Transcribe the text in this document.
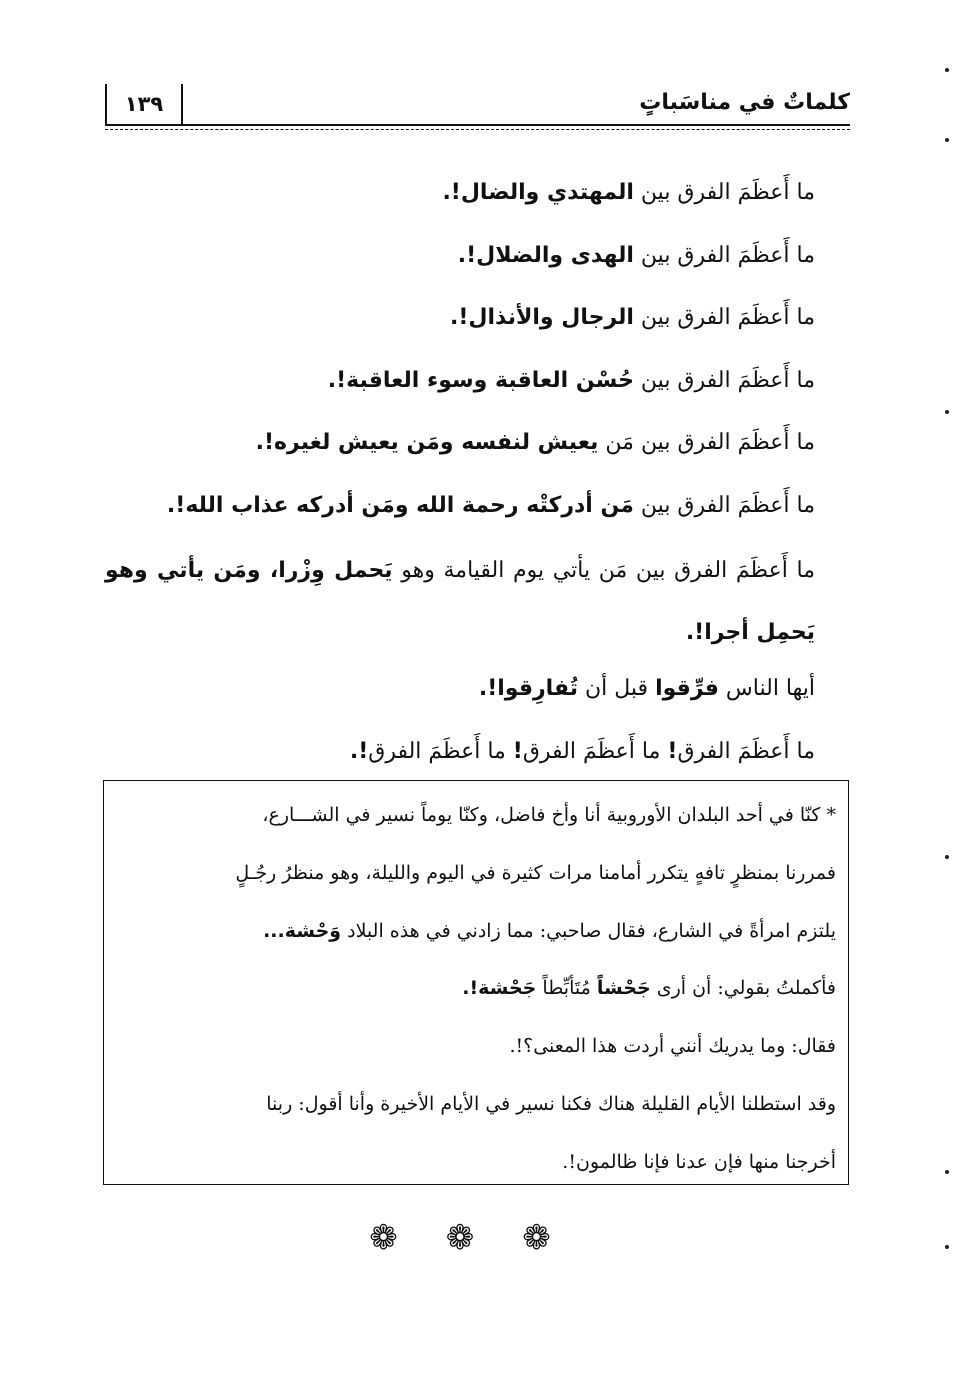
١٣٩	كلماتٌ في مناسَباتٍ
ما أَعظَمَ الفرق بين المهتدي والضال!.
ما أَعظَمَ الفرق بين الهدى والضلال!.
ما أَعظَمَ الفرق بين الرجال والأنذال!.
ما أَعظَمَ الفرق بين حُسْن العاقبة وسوء العاقبة!.
ما أَعظَمَ الفرق بين مَن يعيش لنفسه ومَن يعيش لغيره!.
ما أَعظَمَ الفرق بين مَن أدركتْه رحمة الله ومَن أدركه عذاب الله!.
ما أَعظَمَ الفرق بين مَن يأتي يوم القيامة وهو يَحمل وِزْرا، ومَن يأتي وهو يَحمِل أجرا!.
أيها الناس فرِّقوا قبل أن تُفارِقوا!.
ما أَعظَمَ الفرق! ما أَعظَمَ الفرق! ما أَعظَمَ الفرق!.
* كنّا في أحد البلدان الأوروبية أنا وأخ فاضل، وكنّا يوماً نسير في الشـــارع،
فمررنا بمنظرٍ تافهٍ يتكرر أمامنا مرات كثيرة في اليوم والليلة، وهو منظرُ رجُـلٍ
يلتزم امرأةً في الشارع، فقال صاحبي: مما زادني في هذه البلاد وَحْشة...
فأكملتُ بقولي: أن أرى جَحْشاً مُتَأبِّطاً جَحْشة!.
فقال: وما يدريك أنني أردت هذا المعنى؟!.
وقد استطلنا الأيام القليلة هناك فكنا نسير في الأيام الأخيرة وأنا أقول: ربنا
أخرجنا منها فإن عدنا فإنا ظالمون!.
❁ ❁ ❁
